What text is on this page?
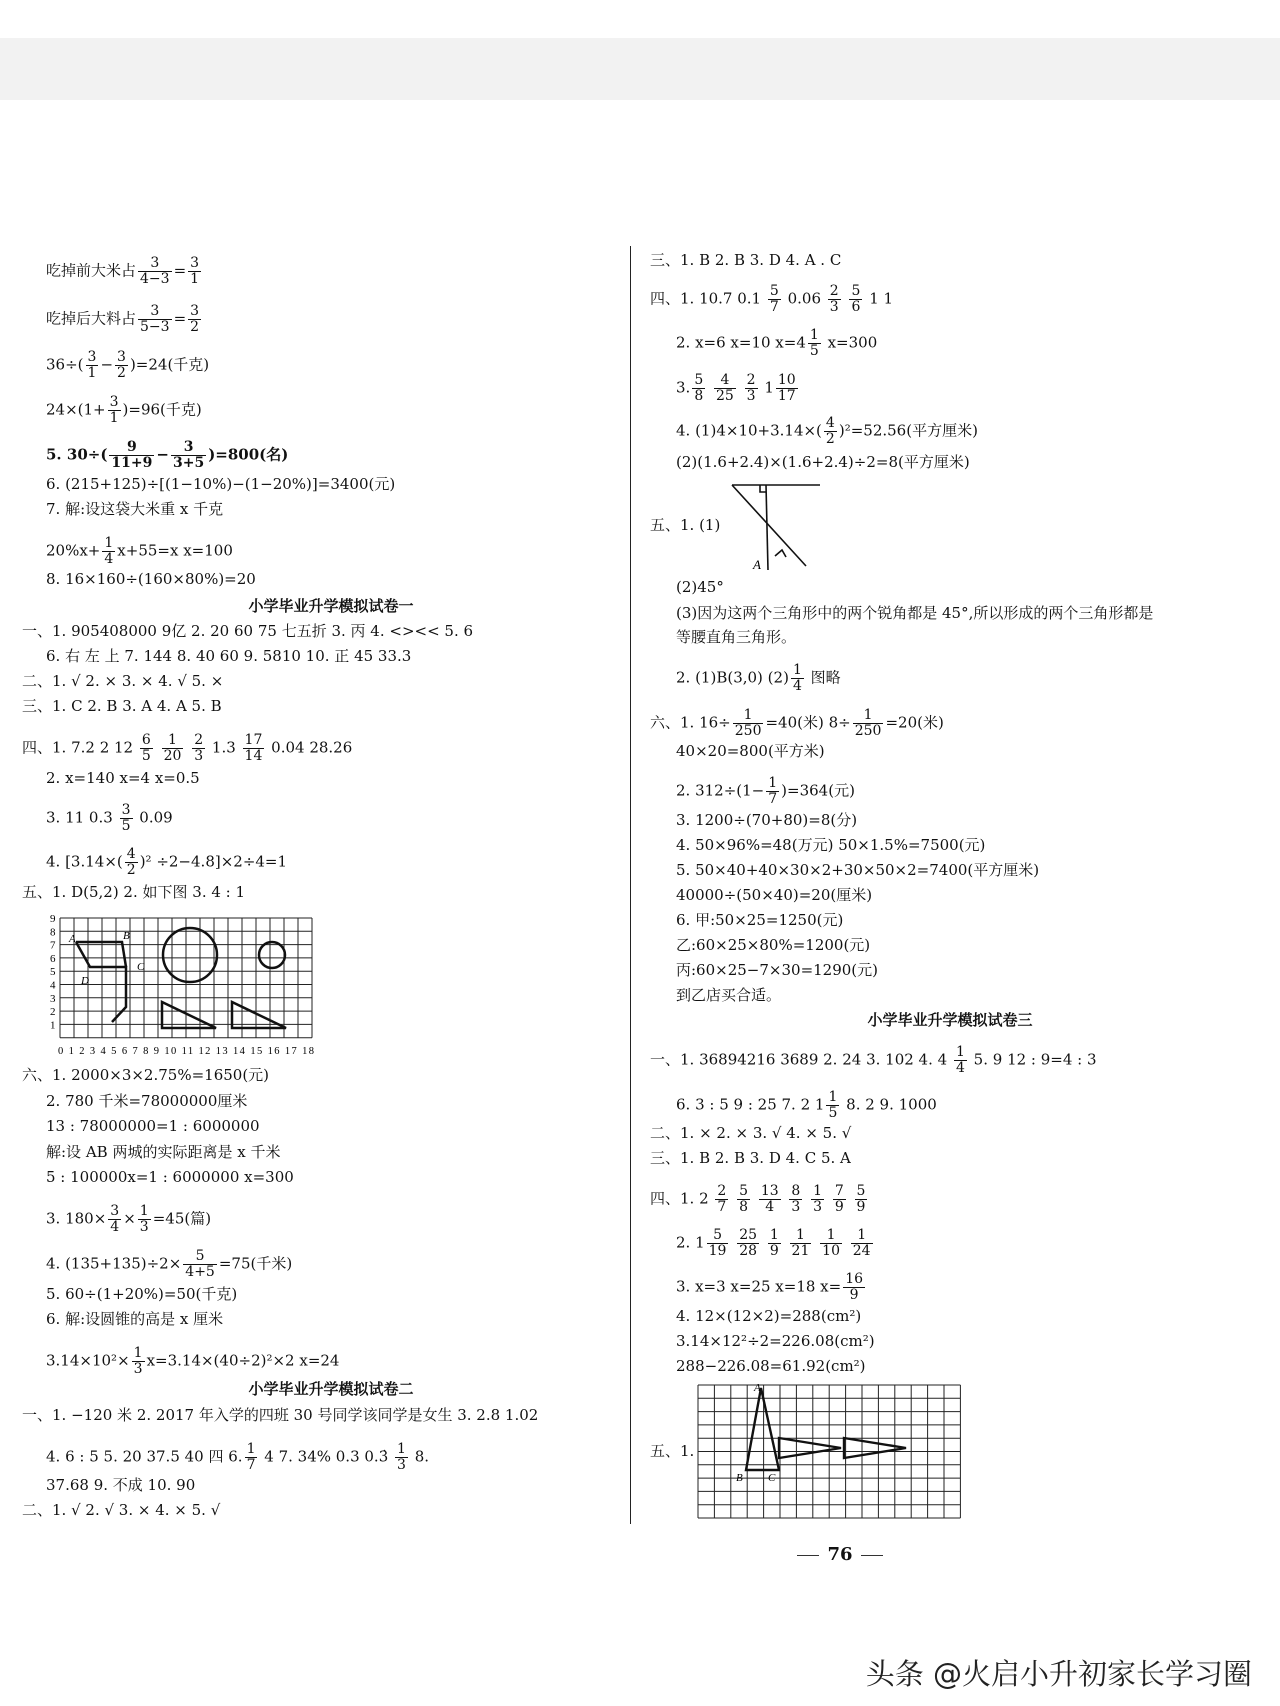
吃掉前大米占 $\frac{3}{4-3} = \frac{3}{1}$
吃掉后大料占 $\frac{3}{5-3} = \frac{3}{2}$
$36\div( \frac{3}{1} - \frac{3}{2} )=24$(千克)
$24\times(1+ \frac{3}{1} )=96$(千克)
5. $30\div( \frac{9}{11+9} - \frac{3}{3+5} )=800$(名)
6. (215+125)÷[(1−10%)−(1−20%)]=3400(元)
7. 解:设这袋大米重 x 千克
$20\%x+ \frac{1}{4} x+55=x$ x=100
8. 16×160÷(160×80%)=20
小学毕业升学模拟试卷一
一、1. 905408000 9亿 2. 20 60 75 七五折 3. 丙 4. <><< 5. 6
6. 右 左 上 7. 144 8. 40 60 9. 5810 10. 正 45 33.3
二、1. √ 2. × 3. × 4. √ 5. ×
三、1. C 2. B 3. A 4. A 5. B
四、1. 7.2 2 $12 \frac{6}{5}$
$\frac{1}{20}$
$\frac{2}{3} 1.3 \frac{17}{14} 0.04$ 28.26
2. x=140 x=4 x=0.5
3. 11 $0.3 \frac{3}{5} 0.09$
4. $[3.14\times( \frac{4}{2} )^2 \div 2-4.8]\times 2\div 4=1$
五、1. D(5,2) 2. 如下图 3. 4 : 1
A	B
C
D
9
8
7
6
5
4
3
2
1
0 1 2 3 4 5 6 7 8 9 10 11 12 13 14 15 16 17 18
六、1. 2000×3×2.75%=1650(元)
2. 780 千米=78000000厘米
13 : 78000000=1 : 6000000
解:设 AB 两城的实际距离是 x 千米
5 : 100000x=1 : 6000000 x=300
3. $180\times \frac{3}{4} \times \frac{1}{3} =45$(篇)
4. $(135+135)\div 2\times \frac{5}{4+5} =75$(千米)
5. 60÷(1+20%)=50(千克)
6. 解:设圆锥的高是 x 厘米
$3.14\times 10^2\times \frac{1}{3} x=3.14\times(40\div 2)^2\times 2$ x=24
小学毕业升学模拟试卷二
一、1. −120 米 2. 2017 年入学的四班 30 号同学该同学是女生 3. 2.8 1.02
4. 6 : 5 5. 20 37.5 40 四 6. $\frac{1}{7} 4$ 7. 34% 0.3 0.3̇ $\frac{1}{3} 8$.
37.68 9. 不成 10. 90
二、1. √ 2. √ 3. × 4. × 5. √
三、1. B 2. B 3. D 4. A . C
四、1. 10.7 $0.1 \frac{5}{7} 0.06 \frac{2}{3}$
$\frac{5}{6} 1$ 1
2. x=6 x=10 $x=4 \frac{1}{5} x=300$
3. $\frac{5}{8}$
$\frac{4}{25}$
$\frac{2}{3} 1 \frac{10}{17}$
4. $(1)4\times 10+3.14\times( \frac{4}{2} )^2=52.56$(平方厘米)
(2)(1.6+2.4)×(1.6+2.4)÷2=8(平方厘米)
A
五、1. (1)
(2)45°
(3)因为这两个三角形中的两个锐角都是 45°,所以形成的两个三角形都是
等腰直角三角形。
2. (1)B(3,0) $(2) \frac{1}{4}$ 图略
六、1. $16\div \frac{1}{250} =40$(米) $8\div \frac{1}{250} =20$(米)
40×20=800(平方米)
2. $312\div(1- \frac{1}{7} )=364$(元)
3. 1200÷(70+80)=8(分)
4. 50×96%=48(万元) 50×1.5%=7500(元)
5. 50×40+40×30×2+30×50×2=7400(平方厘米)
40000÷(50×40)=20(厘米)
6. 甲:50×25=1250(元)
乙:60×25×80%=1200(元)
丙:60×25−7×30=1290(元)
到乙店买合适。
小学毕业升学模拟试卷三
一、1. 36894216 3689 2. 24 3. 102 4. $4 \frac{1}{4} 5$. 9 12 : 9=4 : 3
6. 3 : 5 9 : 25 7. 2 $1 \frac{1}{5} 8$. 2 9. 1000
二、1. × 2. × 3. √ 4. × 5. √
三、1. B 2. B 3. D 4. C 5. A
四、1. $2 \frac{2}{7}$
$\frac{5}{8}$
$\frac{13}{4}$
$\frac{8}{3}$
$\frac{1}{3}$
$\frac{7}{9}$
$\frac{5}{9}$
2. $1 \frac{5}{19}$
$\frac{25}{28}$
$\frac{1}{9}$
$\frac{1}{21}$
$\frac{1}{10}$
$\frac{1}{24}$
3. x=3 x=25 x=18 $x= \frac{16}{9}$
4. 12×(12×2)=288(cm²)
3.14×12²÷2=226.08(cm²)
288−226.08=61.92(cm²)
五、1.
A
B C
76
头条 @火启小升初家长学习圈
